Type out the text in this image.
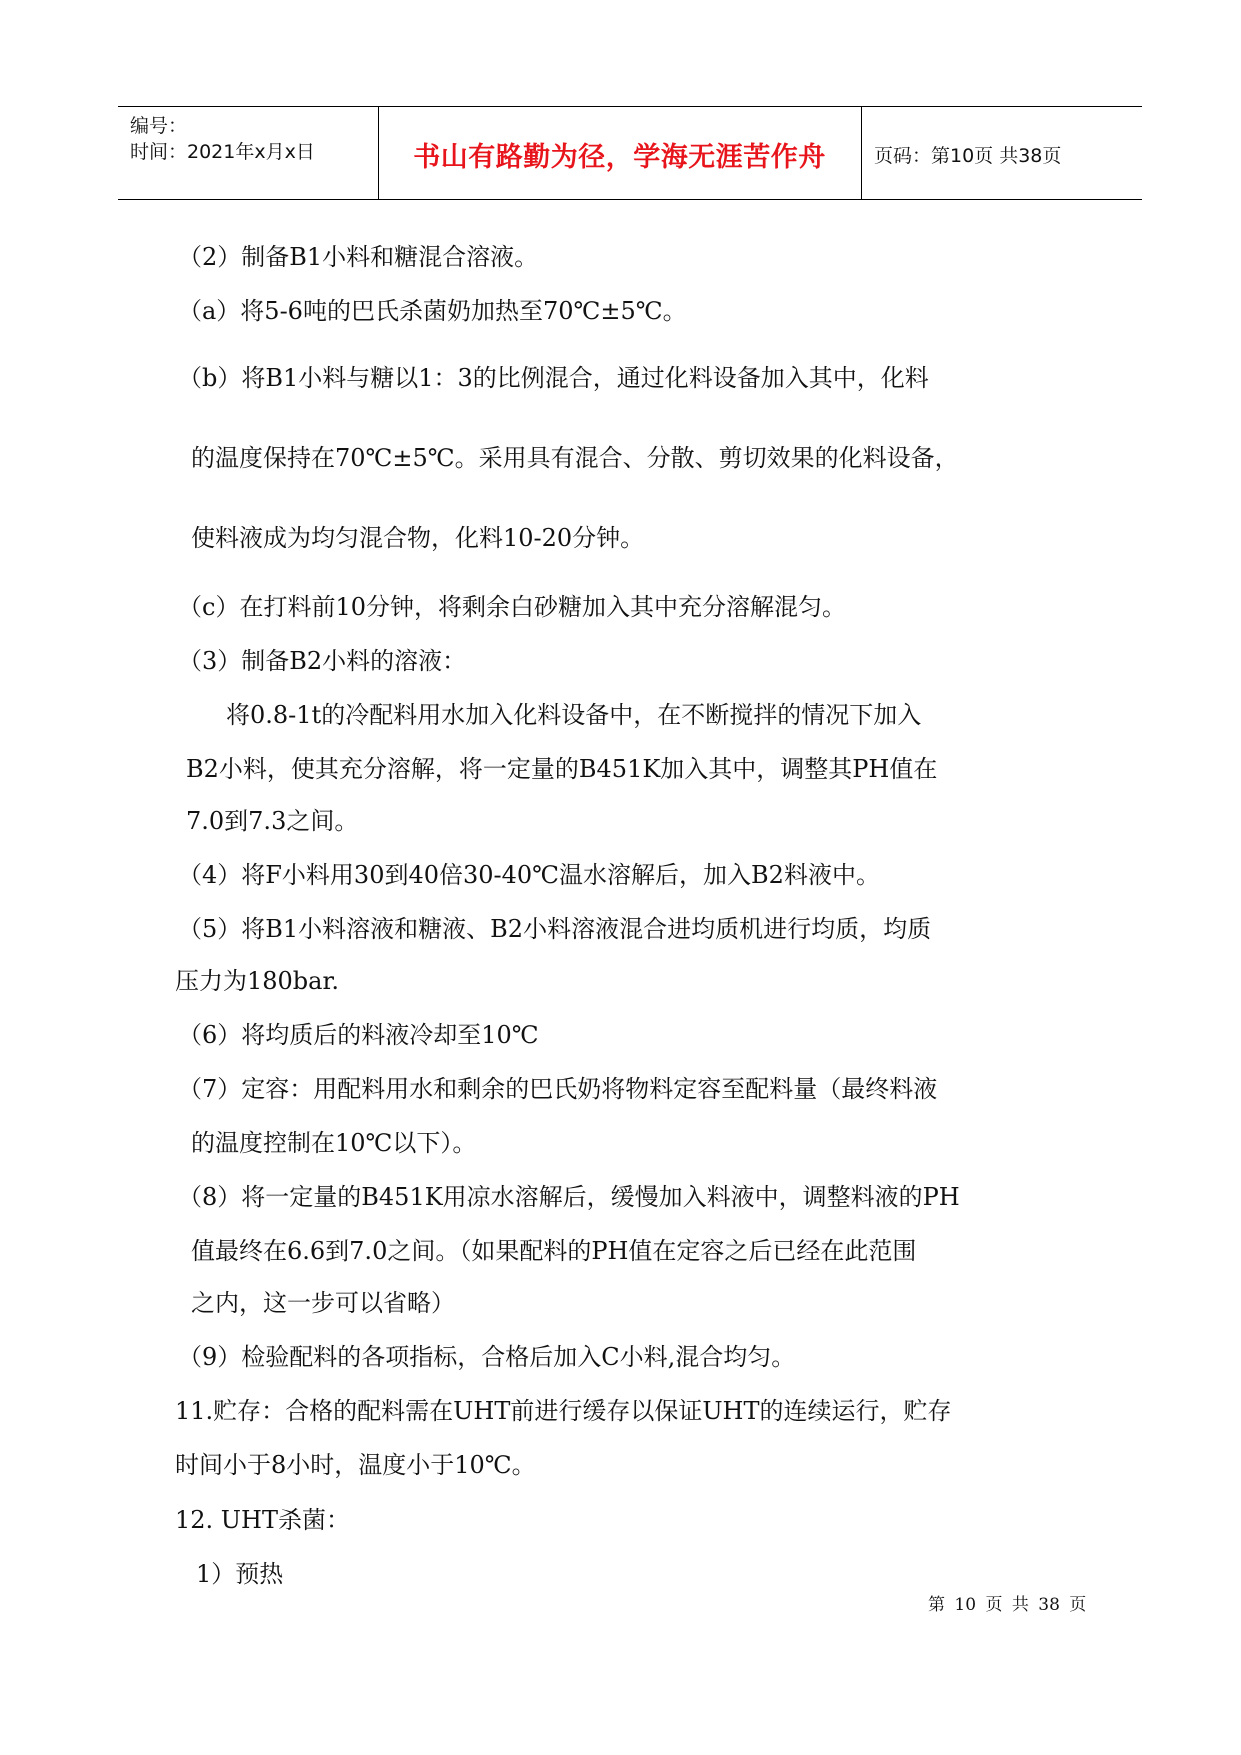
编号：
时间：2021年x月x日	书山有路勤为径，学海无涯苦作舟	页码：第10页 共38页
（2）制备B1小料和糖混合溶液。
（a）将5-6吨的巴氏杀菌奶加热至70℃±5℃。
（b）将B1小料与糖以1：3的比例混合，通过化料设备加入其中，化料
的温度保持在70℃±5℃。采用具有混合、分散、剪切效果的化料设备，
使料液成为均匀混合物，化料10-20分钟。
（c）在打料前10分钟，将剩余白砂糖加入其中充分溶解混匀。
（3）制备B2小料的溶液：
将0.8-1t的冷配料用水加入化料设备中，在不断搅拌的情况下加入
B2小料，使其充分溶解，将一定量的B451K加入其中，调整其PH值在
7.0到7.3之间。
（4）将F小料用30到40倍30-40℃温水溶解后，加入B2料液中。
（5）将B1小料溶液和糖液、B2小料溶液混合进均质机进行均质，均质
压力为180bar.
（6）将均质后的料液冷却至10℃
（7）定容：用配料用水和剩余的巴氏奶将物料定容至配料量（最终料液
的温度控制在10℃以下）。
（8）将一定量的B451K用凉水溶解后，缓慢加入料液中，调整料液的PH
值最终在6.6到7.0之间。（如果配料的PH值在定容之后已经在此范围
之内，这一步可以省略）
（9）检验配料的各项指标，合格后加入C小料,混合均匀。
11.贮存：合格的配料需在UHT前进行缓存以保证UHT的连续运行，贮存
时间小于8小时，温度小于10℃。
12. UHT杀菌：
1）预热
第 10 页 共 38 页
